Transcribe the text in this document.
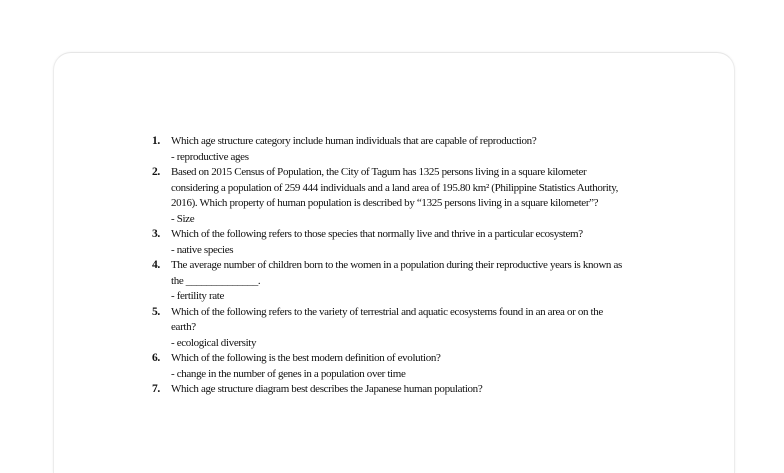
1.	Which age structure category include human individuals that are capable of reproduction?
- reproductive ages
2.	Based on 2015 Census of Population, the City of Tagum has 1325 persons living in a square kilometer considering a population of 259 444 individuals and a land area of 195.80 km² (Philippine Statistics Authority, 2016). Which property of human population is described by “1325 persons living in a square kilometer”?
- Size
3.	Which of the following refers to those species that normally live and thrive in a particular ecosystem?
- native species
4.	The average number of children born to the women in a population during their reproductive years is known as the ______________.
- fertility rate
5.	Which of the following refers to the variety of terrestrial and aquatic ecosystems found in an area or on the earth?
- ecological diversity
6.	Which of the following is the best modern definition of evolution?
- change in the number of genes in a population over time
7.	Which age structure diagram best describes the Japanese human population?
